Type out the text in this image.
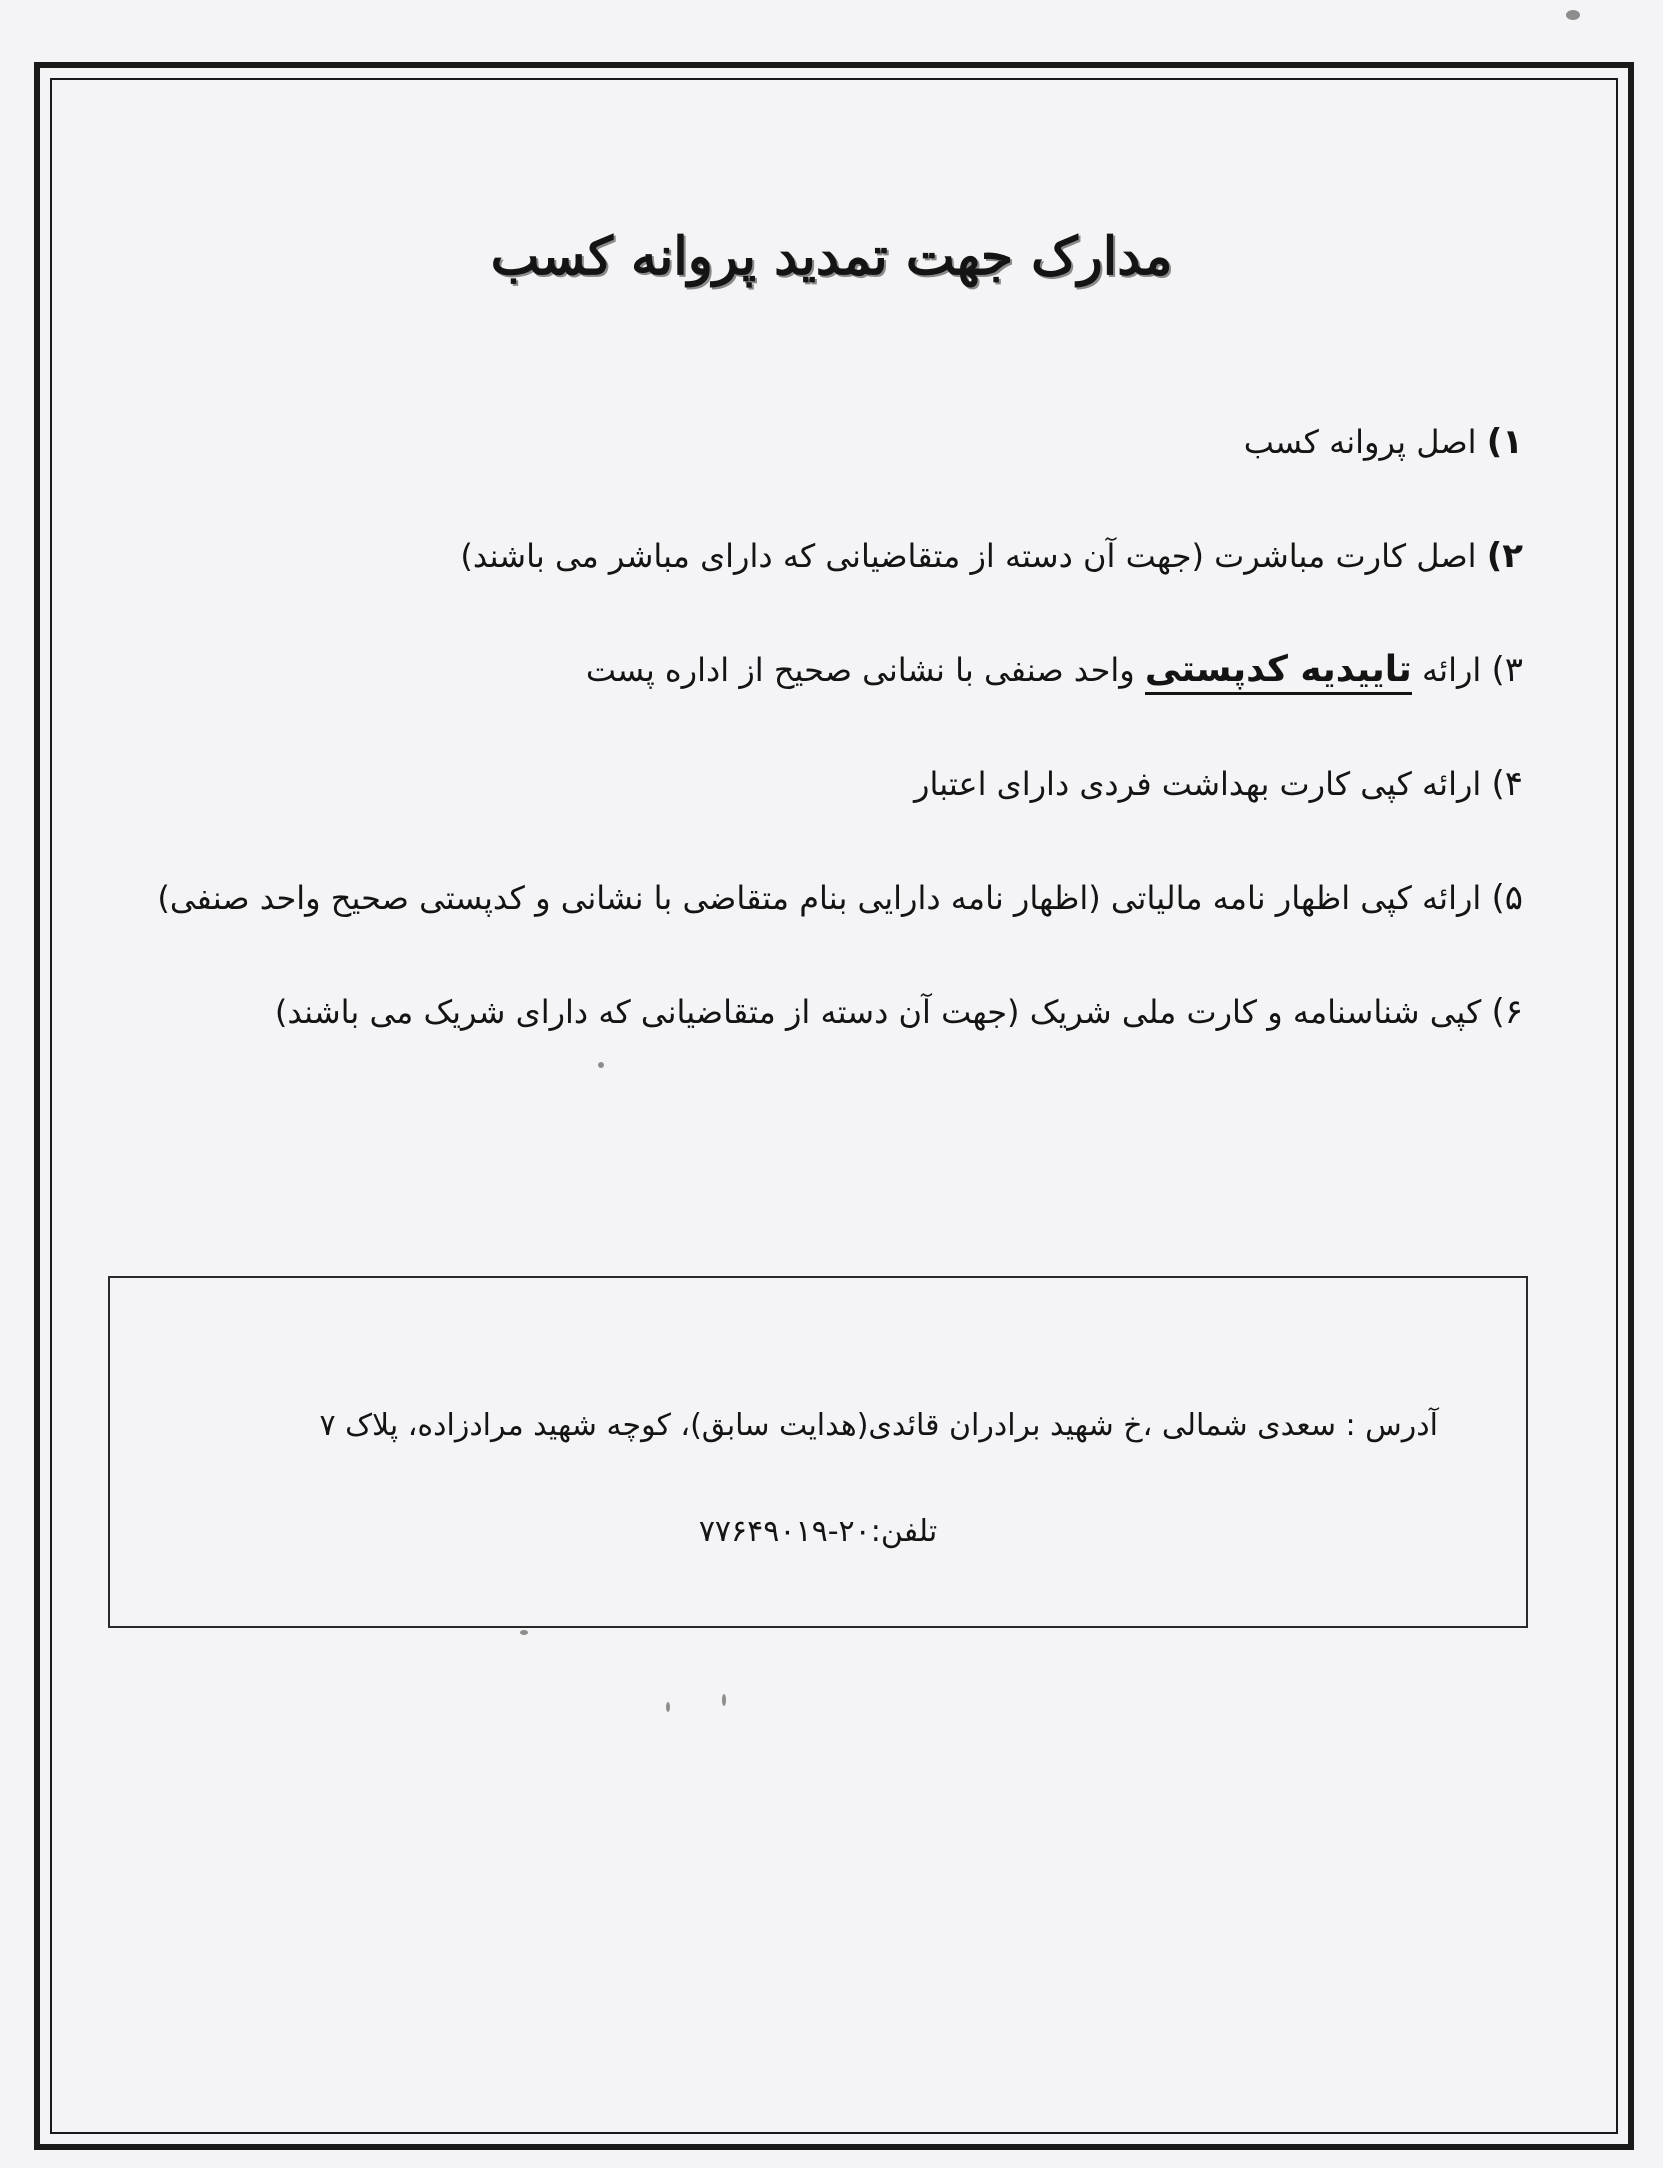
مدارک جهت تمدید پروانه کسب
۱) اصل پروانه کسب
۲) اصل کارت مباشرت (جهت آن دسته از متقاضیانی که دارای مباشر می باشند)
۳) ارائه تاییدیه کدپستی واحد صنفی با نشانی صحیح از اداره پست
۴) ارائه کپی کارت بهداشت فردی دارای اعتبار
۵) ارائه کپی اظهار نامه مالیاتی (اظهار نامه دارایی بنام متقاضی با نشانی و کدپستی صحیح واحد صنفی)
۶) کپی شناسنامه و کارت ملی شریک (جهت آن دسته از متقاضیانی که دارای شریک می باشند)
آدرس : سعدی شمالی ،خ شهید برادران قائدی(هدایت سابق)، کوچه شهید مرادزاده، پلاک ۷
تلفن:۲۰-۷۷۶۴۹۰۱۹
